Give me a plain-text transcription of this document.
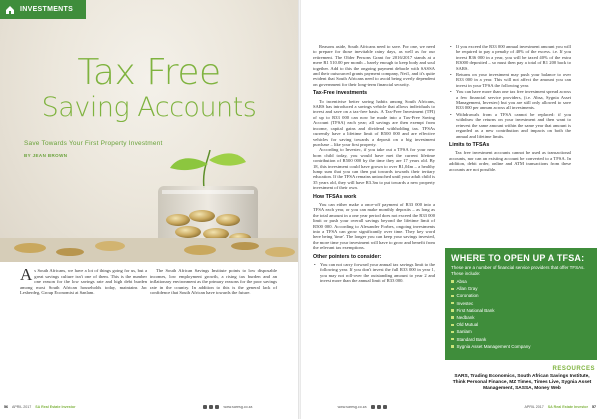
INVESTMENTS
Tax Free
Saving Accounts
Save Towards Your First Property Investment
BY JEAN BROWN
As South Africans, we have a lot of things going for us, but a great savings culture isn't one of them. This is the number one reason for the low savings rate and high debt burden among most South African households today, maintains Jac Lesberdeg, Group Economist at Sanlam.
The South African Savings Institute points to low disposable incomes, low employment growth, a rising tax burden and an inflationary environment as the primary reasons for the poor savings rate in the country. In addition to this is the general lack of confidence that South African have towards the future.
56 APRIL 2017 SA Real Estate Investor	www.saresg.co.za

Reasons aside, South Africans need to save. For one, we need to prepare for those inevitable rainy days, as well as for our retirement. The Older Persons Grant for 2016/2017 stands at a mere R1 510.00 per month – barely enough to keep body and soul together. Add to this the ongoing payment debacle with SASSA and their outsourced grants payment company, Net1, and it's quite evident that South Africans need to avoid being overly dependent on government for their long-term financial security.

Tax-Free investments

To incentivise better saving habits among South Africans, SARS has introduced a savings vehicle that allows individuals to invest and save on a tax-free basis. A Tax-Free Investment (TFI) of up to R33 000 can now be made into a Tax-Free Saving Account (TFSA) each year; all savings are then exempt from income, capital gains and dividend withholding tax. TFSAs currently have a lifetime limit of R500 000 and are effective vehicles for saving towards a deposit on a big investment purchase – like your first property.

According to Investec, if you take out a TFSA for your new born child today, you would have met the current lifetime contribution of R500 000 by the time they are 17 years old. By 18, this investment could have grown to over R1,04m – a healthy lump sum that you can then put towards towards their tertiary education. If the TFSA remains untouched until your adult child is 35 years old, they will have R3.3m to put towards a new property investment of their own.

How TFSAs work

You can either make a once-off payment of R33 000 into a TFSA each year, or you can make monthly deposits – as long as the total amount in a one year period does not exceed the R33 000 limit or push your overall savings beyond the lifetime limit of R500 000. According to Alexander Forbes, ongoing investments into a TFSA can grow significantly over time. They key word here being 'time'. The longer you can keep your savings invested, the more time your investment will have to grow and benefit from the relevant tax exemptions.

Other pointers to consider:
• You can not carry forward your annual tax savings limit to the following year. If you don't invest the full R33 000 in year 1, you may not roll-over the outstanding amount to year 2 and invest more than the annual limit of R33 000.
• If you exceed the R33 000 annual investment amount you will be required to pay a penalty of 40% of the excess. i.e. If you invest R36 000 in a year, you will be taxed 40% of the extra R3000 deposited – so must then pay a total of R1 200 back to SARS.
• Returns on your investment may push your balance to over R33 000 in a year. This will not affect the amount you can invest in your TFSA the following year.
• You can have more than one tax free investment spread across a few financial service providers, (i.e. Absa, Sygnia Asset Management, Investec) but you are still only allowed to save R33 000 per annum across all investments.
• Withdrawals from a TFSA cannot be replaced: if you withdraw the returns on your investment and then want to reinvest the same amount within the same year that amount is regarded as a new contribution and impacts on both the annual and lifetime limits.
Limits to TFSAs

Tax free investment accounts cannot be used as transactional accounts, nor can an existing account be converted to a TFSA. In addition, debit order, online and ATM transactions from these accounts are not possible.

WHERE TO OPEN UP A TFSA:
These are a number of financial service providers that offer TFSAs. These include:
Absa
Allan Gray
Coronation
Investec
First National Bank
Nedbank
Old Mutual
Sanlam
Standard Bank
Sygnia Asset Management Company
RESOURCES
SARS, Trading Economics, South African Savings Institute, Think Personal Finance, MZ Times, Times Live, Sygnia Asset Management, SASSA, Money Web
www.saresg.co.za	APRIL 2017 SA Real Estate Investor 57
